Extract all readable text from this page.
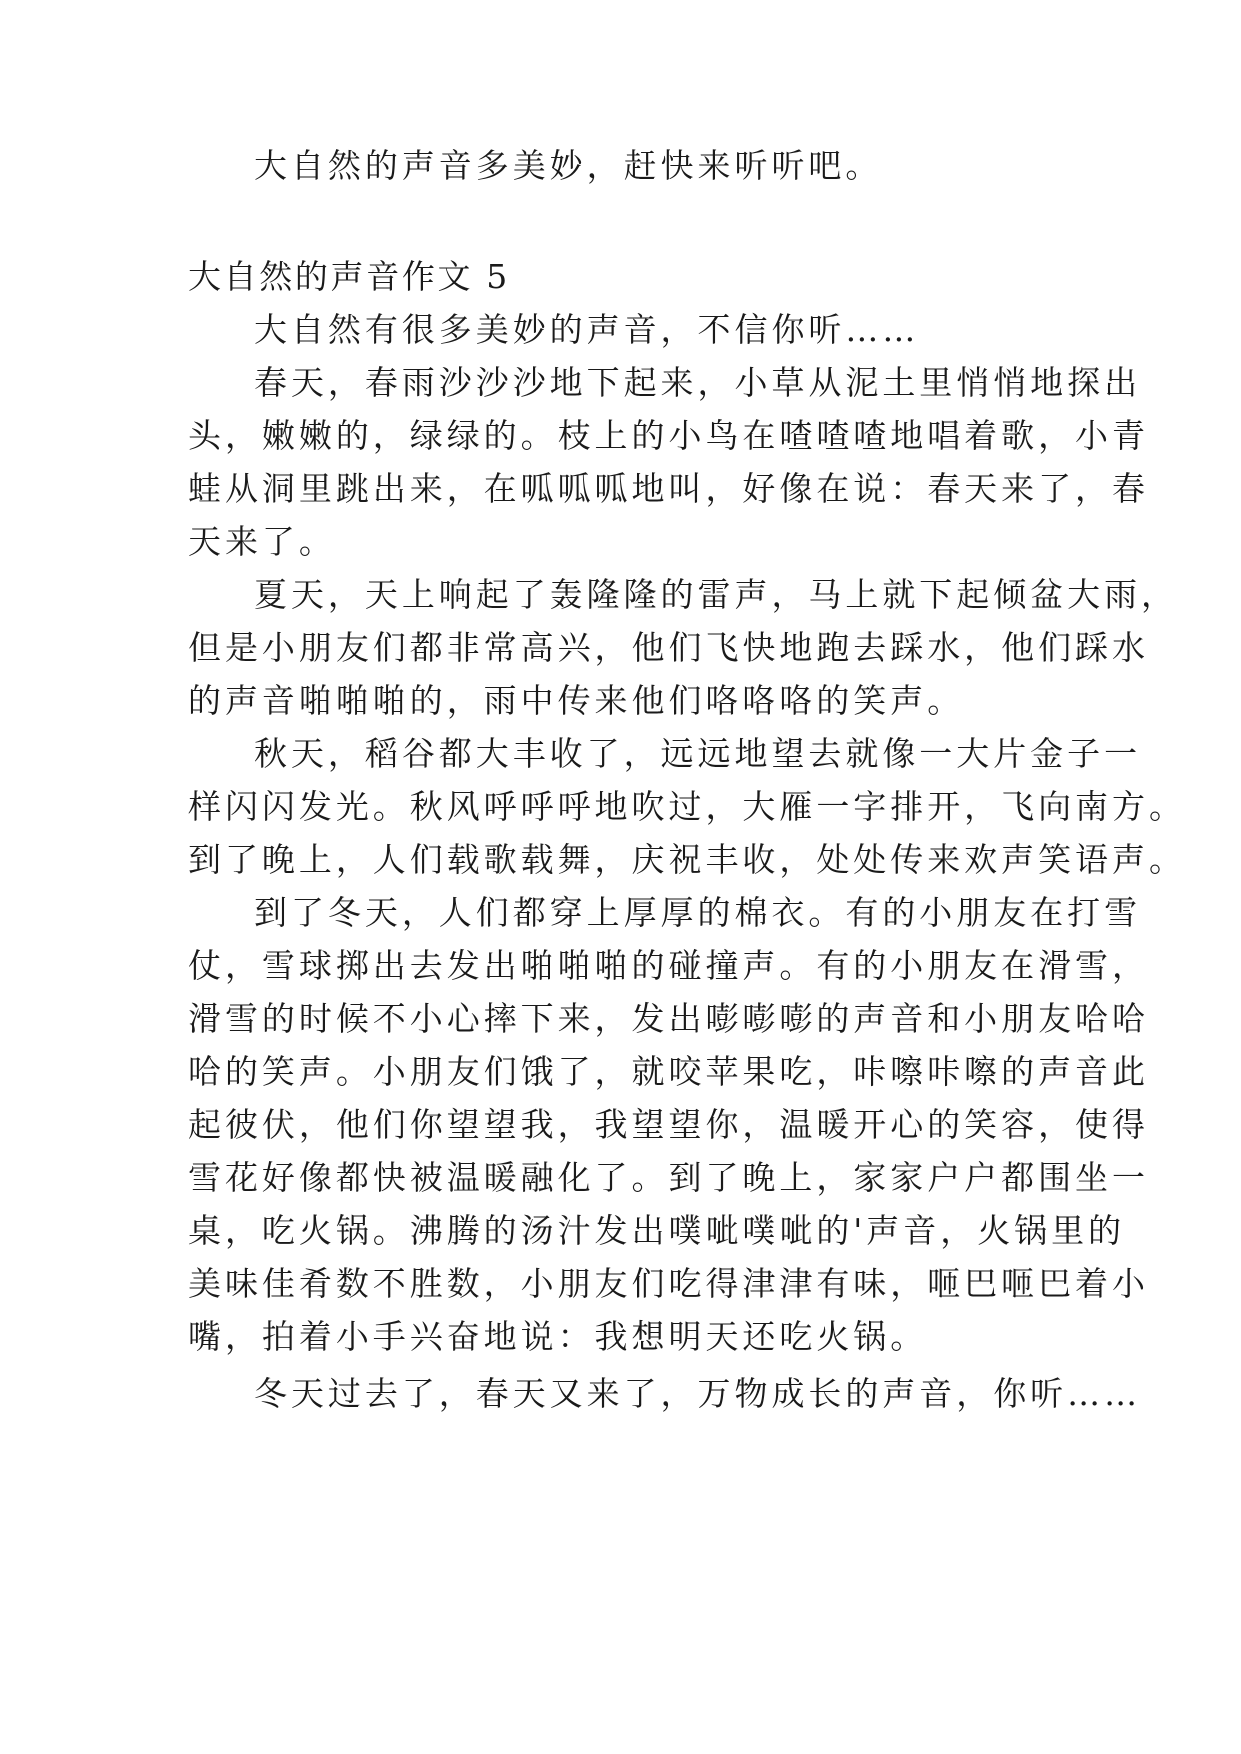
大自然的声音多美妙，赶快来听听吧。
大自然的声音作文 5
大自然有很多美妙的声音，不信你听……
春天，春雨沙沙沙地下起来，小草从泥土里悄悄地探出
头，嫩嫩的，绿绿的。枝上的小鸟在喳喳喳地唱着歌，小青
蛙从洞里跳出来，在呱呱呱地叫，好像在说：春天来了，春
天来了。
夏天，天上响起了轰隆隆的雷声，马上就下起倾盆大雨，
但是小朋友们都非常高兴，他们飞快地跑去踩水，他们踩水
的声音啪啪啪的，雨中传来他们咯咯咯的笑声。
秋天，稻谷都大丰收了，远远地望去就像一大片金子一
样闪闪发光。秋风呼呼呼地吹过，大雁一字排开，飞向南方。
到了晚上，人们载歌载舞，庆祝丰收，处处传来欢声笑语声。
到了冬天，人们都穿上厚厚的棉衣。有的小朋友在打雪
仗，雪球掷出去发出啪啪啪的碰撞声。有的小朋友在滑雪，
滑雪的时候不小心摔下来，发出嘭嘭嘭的声音和小朋友哈哈
哈的笑声。小朋友们饿了，就咬苹果吃，咔嚓咔嚓的声音此
起彼伏，他们你望望我，我望望你，温暖开心的笑容，使得
雪花好像都快被温暖融化了。到了晚上，家家户户都围坐一
桌，吃火锅。沸腾的汤汁发出噗呲噗呲的'声音，火锅里的
美味佳肴数不胜数，小朋友们吃得津津有味，咂巴咂巴着小
嘴，拍着小手兴奋地说：我想明天还吃火锅。
冬天过去了，春天又来了，万物成长的声音，你听……
